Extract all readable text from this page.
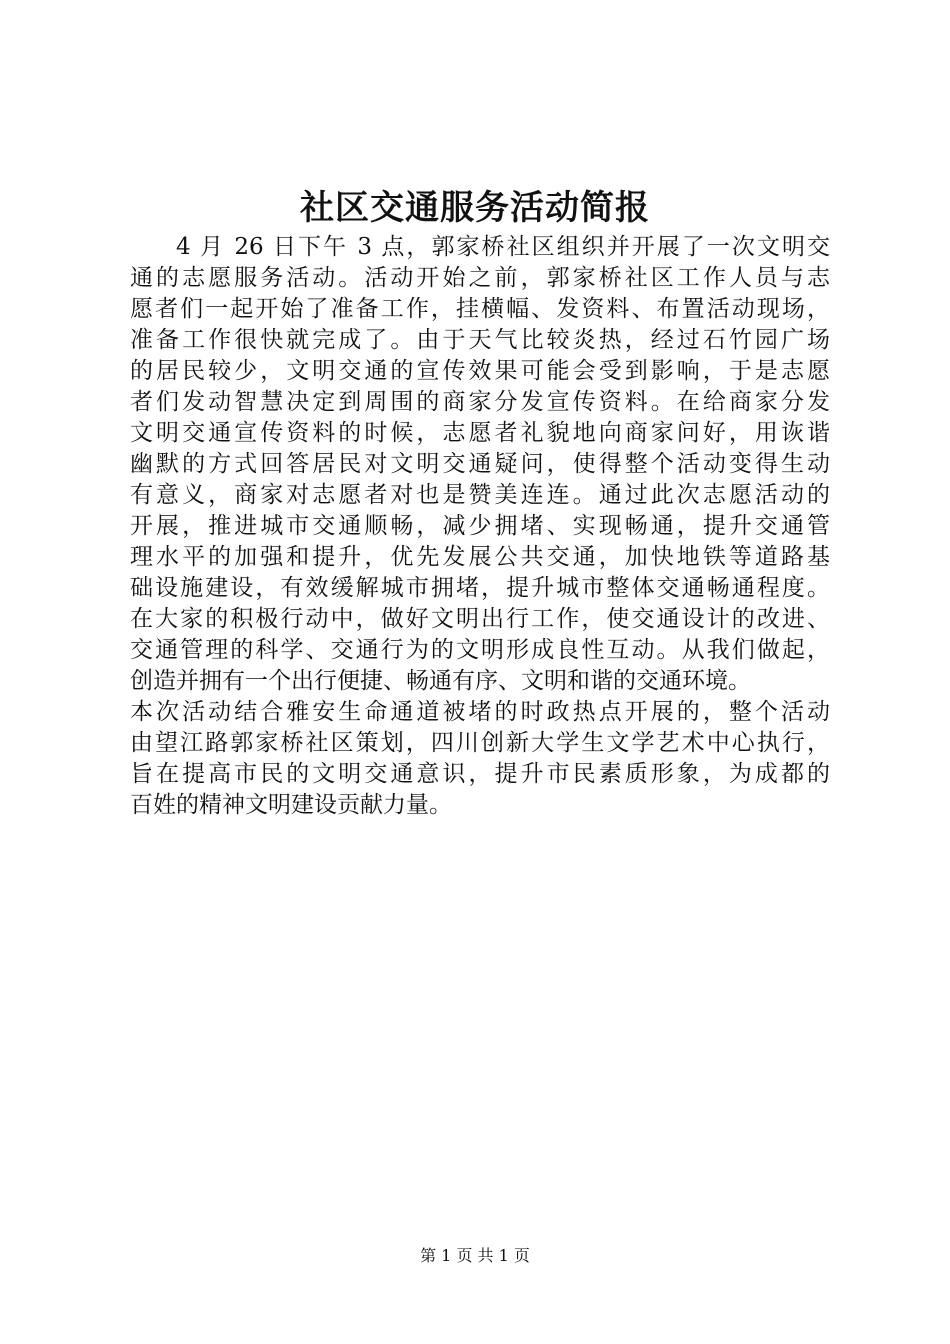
社区交通服务活动简报
4 月 26 日下午 3 点，郭家桥社区组织并开展了一次文明交
通的志愿服务活动。活动开始之前，郭家桥社区工作人员与志
愿者们一起开始了准备工作，挂横幅、发资料、布置活动现场，
准备工作很快就完成了。由于天气比较炎热，经过石竹园广场
的居民较少，文明交通的宣传效果可能会受到影响，于是志愿
者们发动智慧决定到周围的商家分发宣传资料。在给商家分发
文明交通宣传资料的时候，志愿者礼貌地向商家问好，用诙谐
幽默的方式回答居民对文明交通疑问，使得整个活动变得生动
有意义，商家对志愿者对也是赞美连连。通过此次志愿活动的
开展，推进城市交通顺畅，减少拥堵、实现畅通，提升交通管
理水平的加强和提升，优先发展公共交通，加快地铁等道路基
础设施建设，有效缓解城市拥堵，提升城市整体交通畅通程度。
在大家的积极行动中，做好文明出行工作，使交通设计的改进、
交通管理的科学、交通行为的文明形成良性互动。从我们做起，
创造并拥有一个出行便捷、畅通有序、文明和谐的交通环境。
本次活动结合雅安生命通道被堵的时政热点开展的，整个活动
由望江路郭家桥社区策划，四川创新大学生文学艺术中心执行，
旨在提高市民的文明交通意识，提升市民素质形象，为成都的
百姓的精神文明建设贡献力量。
第 1 页 共 1 页
